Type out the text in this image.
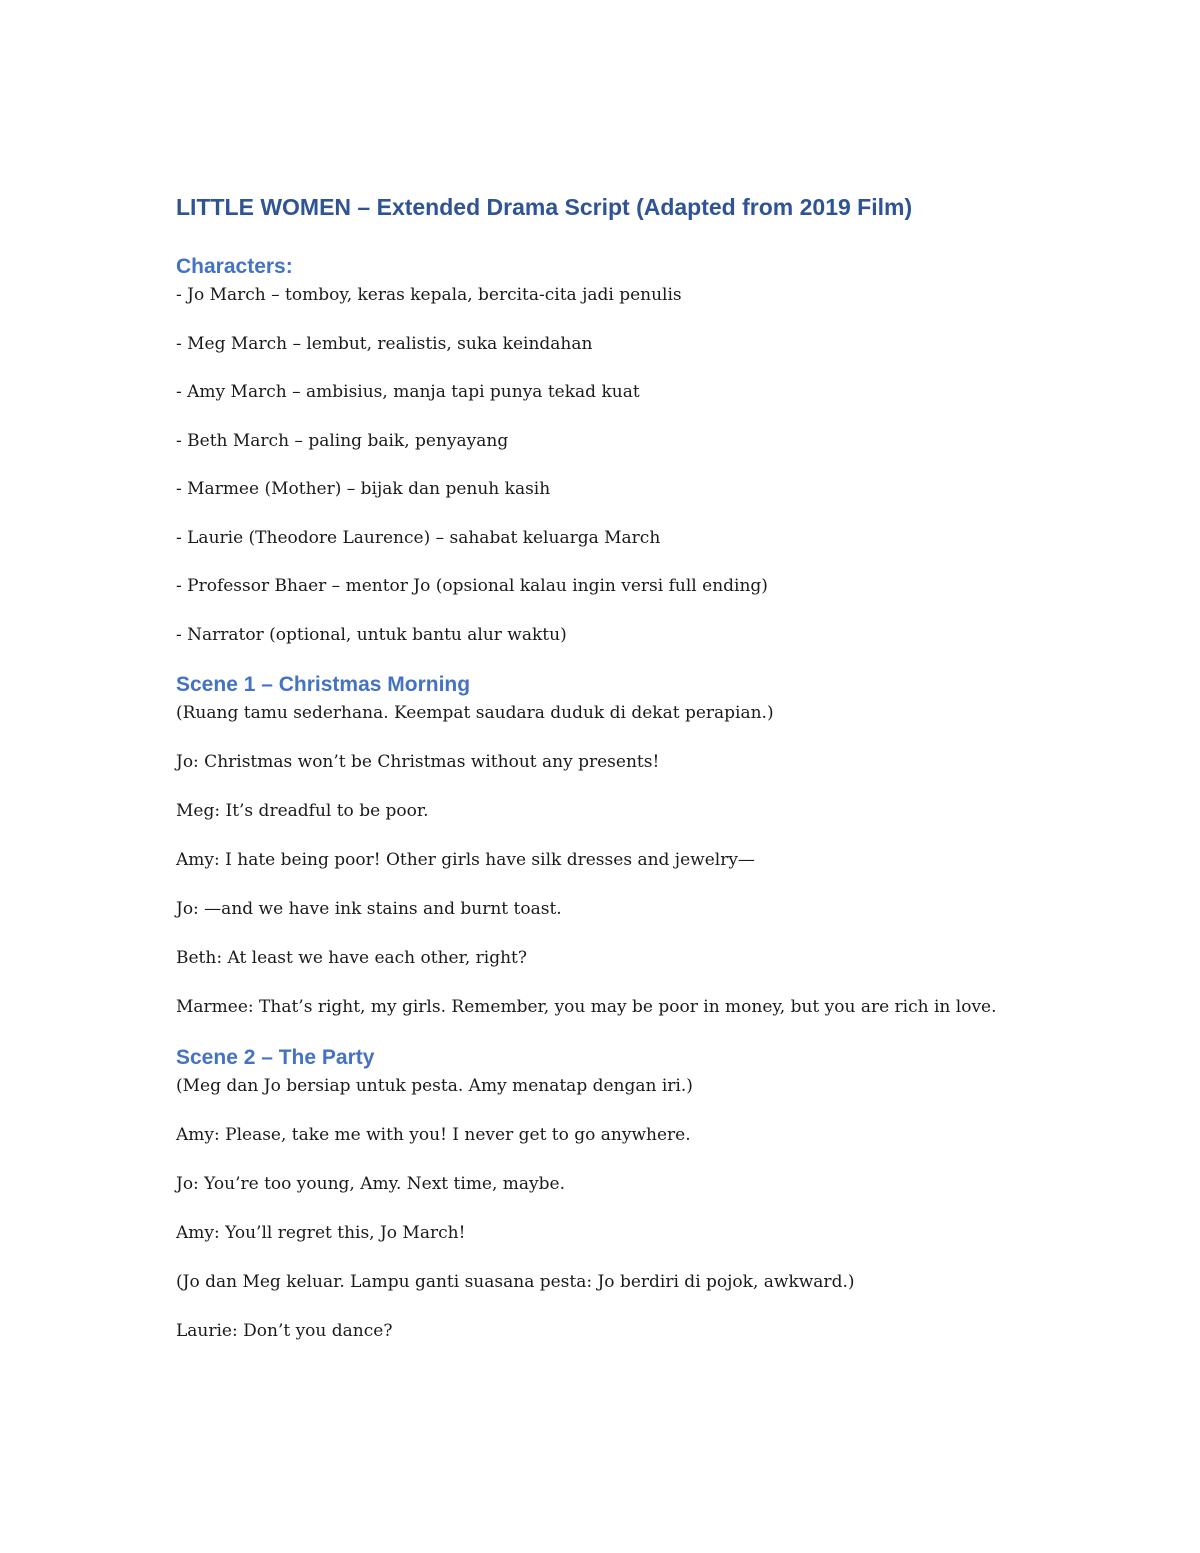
LITTLE WOMEN – Extended Drama Script (Adapted from 2019 Film)
Characters:

- Jo March – tomboy, keras kepala, bercita-cita jadi penulis

- Meg March – lembut, realistis, suka keindahan

- Amy March – ambisius, manja tapi punya tekad kuat

- Beth March – paling baik, penyayang

- Marmee (Mother) – bijak dan penuh kasih

- Laurie (Theodore Laurence) – sahabat keluarga March

- Professor Bhaer – mentor Jo (opsional kalau ingin versi full ending)

- Narrator (optional, untuk bantu alur waktu)

Scene 1 – Christmas Morning

(Ruang tamu sederhana. Keempat saudara duduk di dekat perapian.)

Jo: Christmas won’t be Christmas without any presents!

Meg: It’s dreadful to be poor.

Amy: I hate being poor! Other girls have silk dresses and jewelry—

Jo: —and we have ink stains and burnt toast.

Beth: At least we have each other, right?

Marmee: That’s right, my girls. Remember, you may be poor in money, but you are rich in love.

Scene 2 – The Party

(Meg dan Jo bersiap untuk pesta. Amy menatap dengan iri.)

Amy: Please, take me with you! I never get to go anywhere.

Jo: You’re too young, Amy. Next time, maybe.

Amy: You’ll regret this, Jo March!

(Jo dan Meg keluar. Lampu ganti suasana pesta: Jo berdiri di pojok, awkward.)

Laurie: Don’t you dance?
